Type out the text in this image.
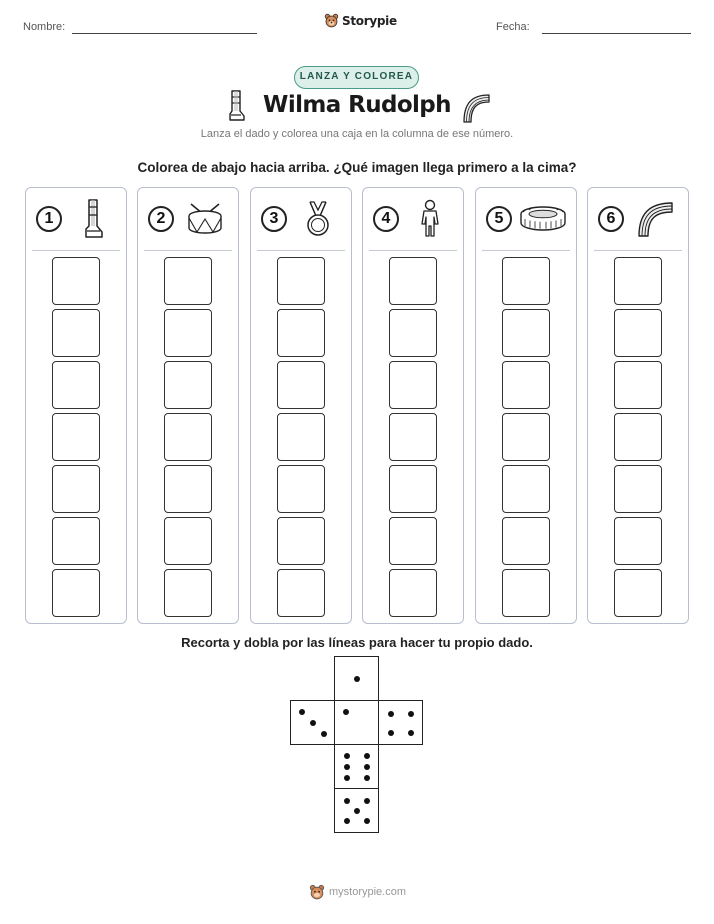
Nombre:	Storypie	Fecha:
LANZA Y COLOREA
Wilma Rudolph
Lanza el dado y colorea una caja en la columna de ese número.
Colorea de abajo hacia arriba. ¿Qué imagen llega primero a la cima?
1	2	3	4	5	6
Recorta y dobla por las líneas para hacer tu propio dado.
mystorypie.com
